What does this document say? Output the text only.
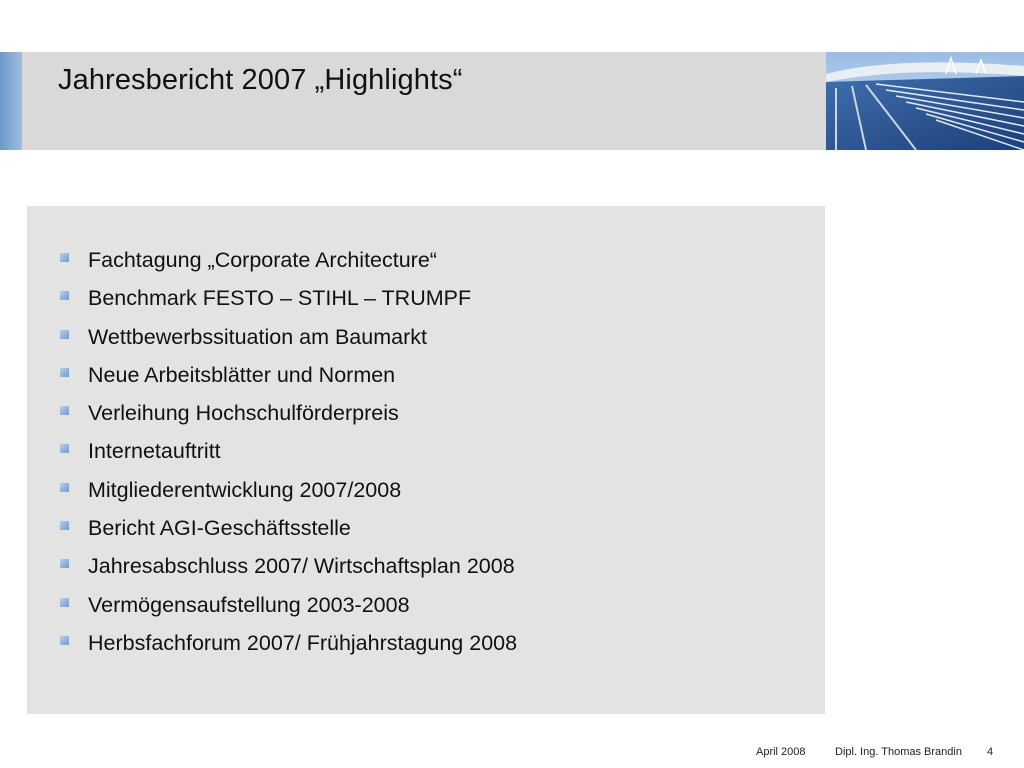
Jahresbericht 2007 „Highlights“
Fachtagung „Corporate Architecture“
Benchmark FESTO – STIHL – TRUMPF
Wettbewerbssituation am Baumarkt
Neue Arbeitsblätter und Normen
Verleihung Hochschulförderpreis
Internetauftritt
Mitgliederentwicklung 2007/2008
Bericht AGI-Geschäftsstelle
Jahresabschluss 2007/ Wirtschaftsplan 2008
Vermögensaufstellung 2003-2008
Herbsfachforum 2007/ Frühjahrstagung 2008
April 2008	Dipl. Ing. Thomas Brandin 4
